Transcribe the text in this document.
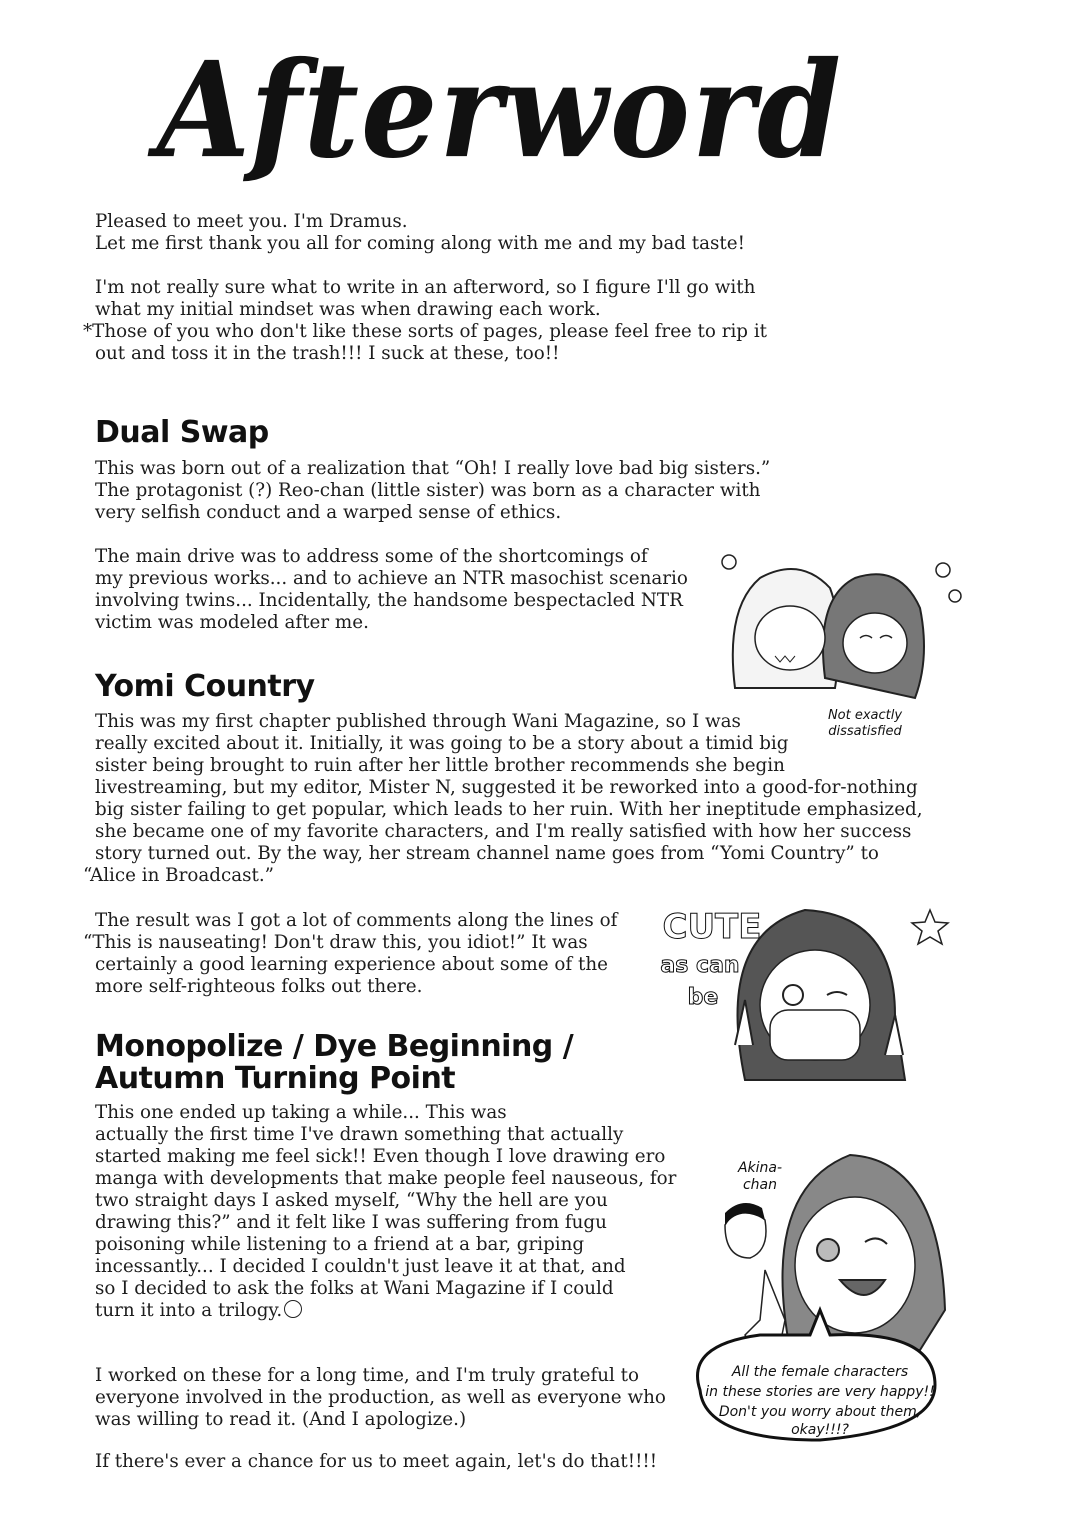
Afterword
Pleased to meet you. I'm Dramus.
Let me first thank you all for coming along with me and my bad taste!
I'm not really sure what to write in an afterword, so I figure I'll go with
what my initial mindset was when drawing each work.
*Those of you who don't like these sorts of pages, please feel free to rip it
out and toss it in the trash!!! I suck at these, too!!
Dual Swap
This was born out of a realization that “Oh! I really love bad big sisters.”
The protagonist (?) Reo-chan (little sister) was born as a character with
very selfish conduct and a warped sense of ethics.
The main drive was to address some of the shortcomings of
my previous works... and to achieve an NTR masochist scenario
involving twins... Incidentally, the handsome bespectacled NTR
victim was modeled after me.
Yomi Country
This was my first chapter published through Wani Magazine, so I was
really excited about it. Initially, it was going to be a story about a timid big
sister being brought to ruin after her little brother recommends she begin
livestreaming, but my editor, Mister N, suggested it be reworked into a good-for-nothing
big sister failing to get popular, which leads to her ruin. With her ineptitude emphasized,
she became one of my favorite characters, and I'm really satisfied with how her success
story turned out. By the way, her stream channel name goes from “Yomi Country” to
“Alice in Broadcast.”
The result was I got a lot of comments along the lines of
“This is nauseating! Don't draw this, you idiot!” It was
certainly a good learning experience about some of the
more self-righteous folks out there.
Monopolize / Dye Beginning /
Autumn Turning Point
This one ended up taking a while... This was
actually the first time I've drawn something that actually
started making me feel sick!! Even though I love drawing ero
manga with developments that make people feel nauseous, for
two straight days I asked myself, “Why the hell are you
drawing this?” and it felt like I was suffering from fugu
poisoning while listening to a friend at a bar, griping
incessantly... I decided I couldn't just leave it at that, and
so I decided to ask the folks at Wani Magazine if I could
turn it into a trilogy.
I worked on these for a long time, and I'm truly grateful to
everyone involved in the production, as well as everyone who
was willing to read it. (And I apologize.)
If there's ever a chance for us to meet again, let's do that!!!!
Not exactly dissatisfied
CUTE
as can
be
Akina-chan
All the female characters
in these stories are very happy!!
Don't you worry about them,
okay!!!?
